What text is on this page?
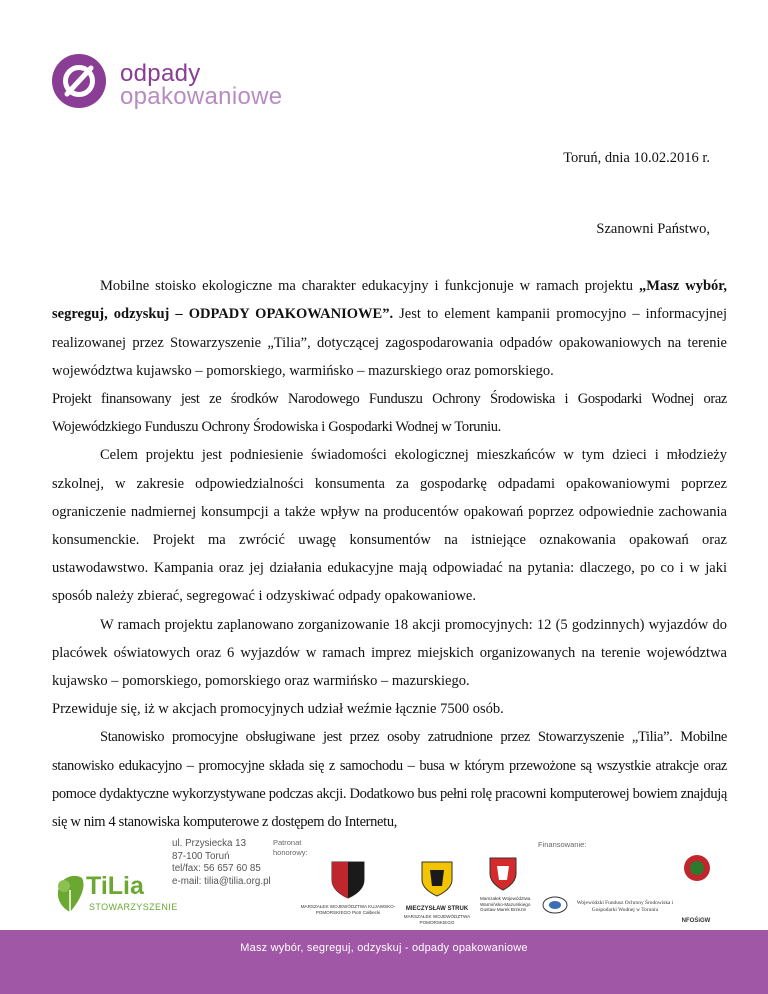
odpady
opakowaniowe
Toruń, dnia 10.02.2016 r.
Szanowni Państwo,

Mobilne stoisko ekologiczne ma charakter edukacyjny i funkcjonuje w ramach projektu „Masz wybór, segreguj, odzyskuj – ODPADY OPAKOWANIOWE”. Jest to element kampanii promocyjno – informacyjnej realizowanej przez Stowarzyszenie „Tilia”, dotyczącej zagospodarowania odpadów opakowaniowych na terenie województwa kujawsko – pomorskiego, warmińsko – mazurskiego oraz pomorskiego.

Projekt finansowany jest ze środków Narodowego Funduszu Ochrony Środowiska i Gospodarki Wodnej oraz Wojewódzkiego Funduszu Ochrony Środowiska i Gospodarki Wodnej w Toruniu.

Celem projektu jest podniesienie świadomości ekologicznej mieszkańców w tym dzieci i młodzieży szkolnej, w zakresie odpowiedzialności konsumenta za gospodarkę odpadami opakowaniowymi poprzez ograniczenie nadmiernej konsumpcji a także wpływ na producentów opakowań poprzez odpowiednie zachowania konsumenckie. Projekt ma zwrócić uwagę konsumentów na istniejące oznakowania opakowań oraz ustawodawstwo. Kampania oraz jej działania edukacyjne mają odpowiadać na pytania: dlaczego, po co i w jaki sposób należy zbierać, segregować i odzyskiwać odpady opakowaniowe.

W ramach projektu zaplanowano zorganizowanie 18 akcji promocyjnych: 12 (5 godzinnych) wyjazdów do placówek oświatowych oraz 6 wyjazdów w ramach imprez miejskich organizowanych na terenie województwa kujawsko – pomorskiego, pomorskiego oraz warmińsko – mazurskiego.

Przewiduje się, iż w akcjach promocyjnych udział weźmie łącznie 7500 osób.

Stanowisko promocyjne obsługiwane jest przez osoby zatrudnione przez Stowarzyszenie „Tilia”. Mobilne stanowisko edukacyjno – promocyjne składa się z samochodu – busa w którym przewożone są wszystkie atrakcje oraz pomoce dydaktyczne wykorzystywane podczas akcji. Dodatkowo bus pełni rolę pracowni komputerowej bowiem znajdują się w nim 4 stanowiska komputerowe z dostępem do Internetu,

TiLia
STOWARZYSZENIE
ul. Przysiecka 13
87-100 Toruń
tel/fax: 56 657 60 85
e-mail: tilia@tilia.org.pl
Patronat honorowy:
MARSZAŁEK WOJEWÓDZTWA KUJAWSKO-POMORSKIEGO Piotr Całbecki
MIECZYSŁAW STRUK
MARSZAŁEK WOJEWÓDZTWA POMORSKIEGO
Marszałek Województwa Warmińsko-Mazurskiego Gustaw Marek Brzezin
Finansowanie:
Wojewódzki Fundusz Ochrony Środowiska i Gospodarki Wodnej w Toruniu
NFOŚiGW
Masz wybór, segreguj, odzyskuj - odpady opakowaniowe
